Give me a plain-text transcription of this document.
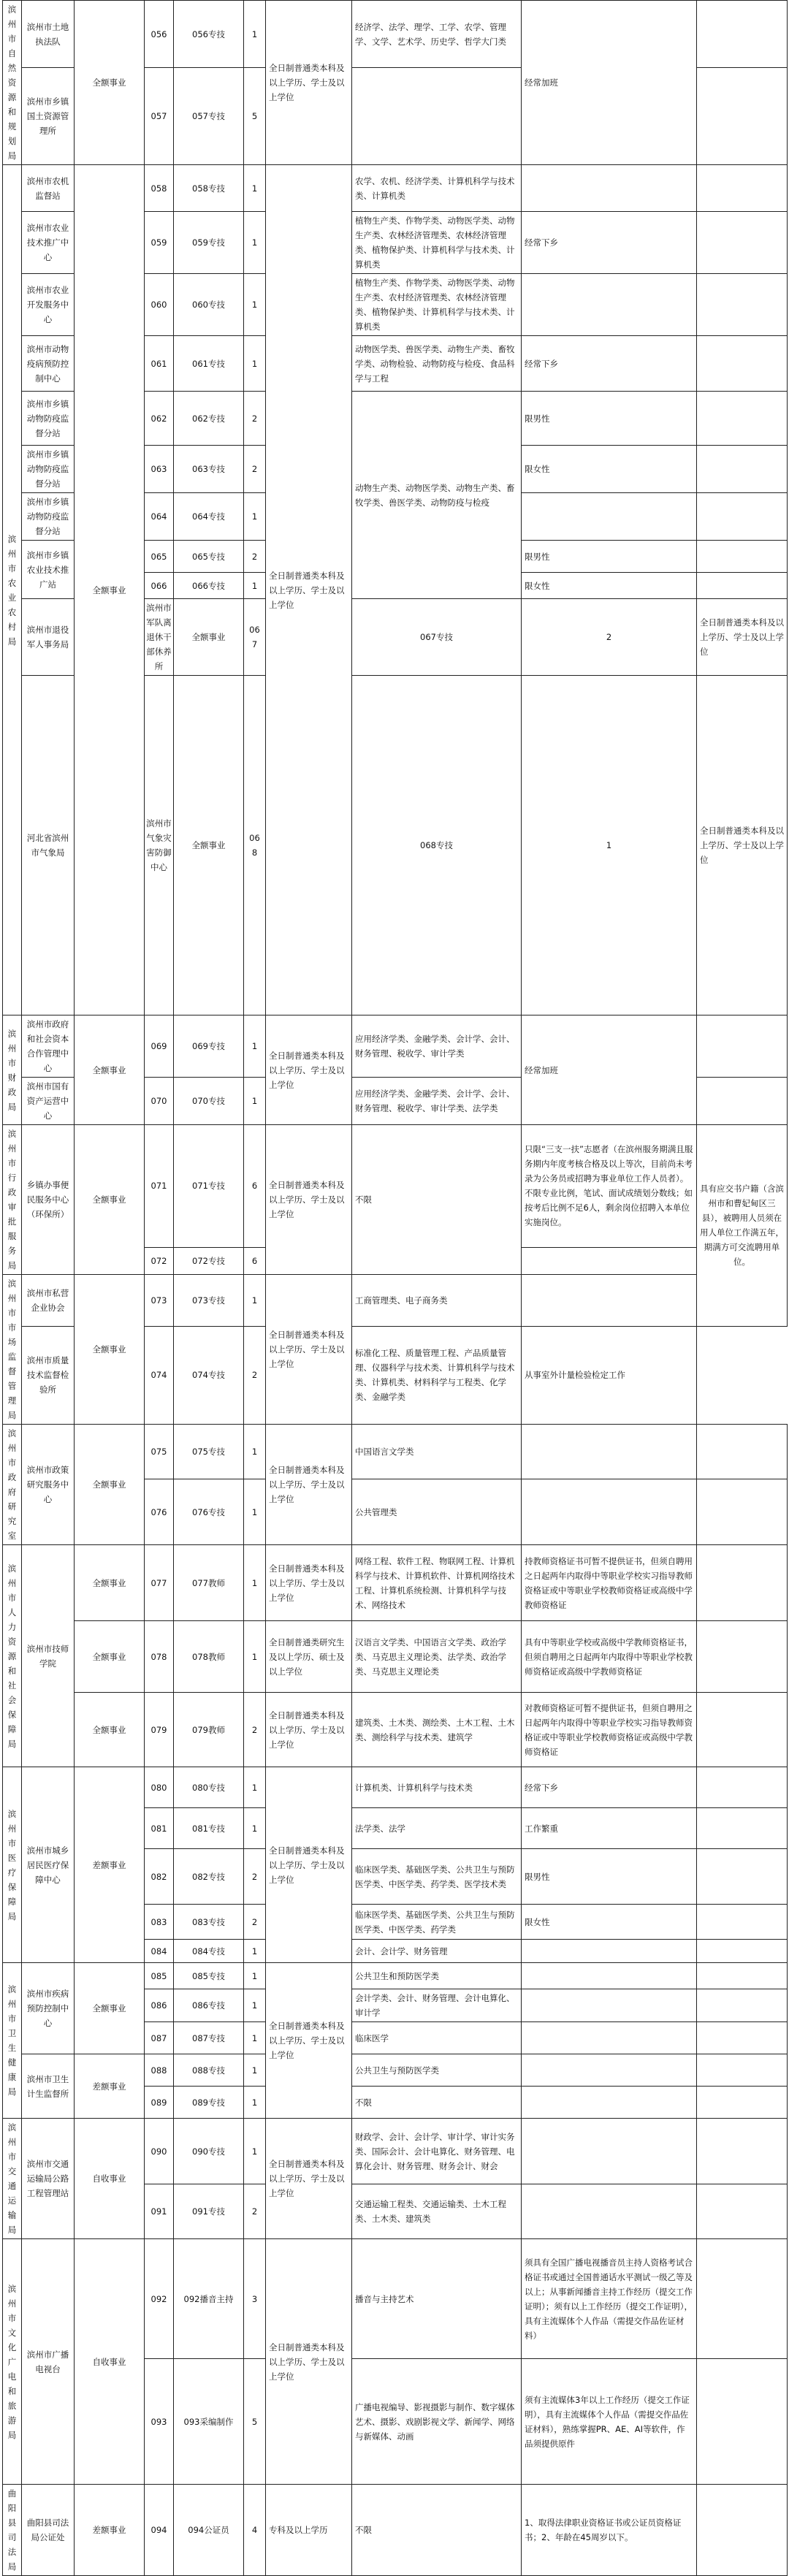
滨州市自然资源和规划局	滨州市土地执法队	全额事业	056	056专技	1	全日制普通类本科及以上学历、学士及以上学位	经济学、法学、理学、工学、农学、管理学、文学、艺术学、历史学、哲学大门类	经常加班		
	滨州市乡镇国土资源管理所		057	057专技	5					
滨州市农业农村局	滨州市农机监督站	全额事业	058	058专技	1	全日制普通类本科及以上学历、学士及以上学位	农学、农机、经济学类、计算机科学与技术类、计算机类			
	滨州市农业技术推广中心		059	059专技	1		植物生产类、作物学类、动物医学类、动物生产类、农林经济管理类、农林经济管理类、植物保护类、计算机科学与技术类、计算机类	经常下乡		
	滨州市农业开发服务中心		060	060专技	1		植物生产类、作物学类、动物医学类、动物生产类、农村经济管理类、农林经济管理类、植物保护类、计算机科学与技术类、计算机类			
	滨州市动物疫病预防控制中心		061	061专技	1		动物医学类、兽医学类、动物生产类、畜牧学类、动物检验、动物防疫与检疫、食品科学与工程	经常下乡		
	滨州市乡镇动物防疫监督分站		062	062专技	2		动物生产类、动物医学类、动物生产类、畜牧学类、兽医学类、动物防疫与检疫	限男性		
	滨州市乡镇动物防疫监督分站		063	063专技	2			限女性		
	滨州市乡镇动物防疫监督分站		064	064专技	1					
	滨州市乡镇农业技术推广站		065	065专技	2			限男性		
			066	066专技	1			限女性		
	滨州市退役军人事务局		滨州市军队离退休干部休养所	全额事业	067		067专技	2	全日制普通类本科及以上学历、学士及以上学位			
	河北省滨州市气象局		滨州市气象灾害防御中心	全额事业	068		068专技	1	全日制普通类本科及以上学历、学士及以上学位			
滨州市财政局	滨州市政府和社会资本合作管理中心	全额事业	069	069专技	1	全日制普通类本科及以上学历、学士及以上学位	应用经济学类、金融学类、会计学、会计、财务管理、税收学、审计学类	经常加班		
	滨州市国有资产运营中心		070	070专技	1		应用经济学类、金融学类、会计学、会计、财务管理、税收学、审计学类、法学类			
滨州市行政审批服务局	乡镇办事便民服务中心（环保所）	全额事业	071	071专技	6	全日制普通类本科及以上学历、学士及以上学位	不限	只限“三支一扶”志愿者（在滨州服务期满且服务期内年度考核合格及以上等次，目前尚未考录为公务员或招聘为事业单位工作人员者）。不限专业比例，笔试、面试成绩划分数线；如按考后比例不足6人，剩余岗位招聘入本单位实施岗位。	具有应交书户籍（含滨州市和曹妃甸区三县），被聘用人员须在用人单位工作满五年，期满方可交流聘用单位。	
			072	072专技	6					
滨州市市场监督管理局	滨州市私营企业协会	全额事业	073	073专技	1	全日制普通类本科及以上学历、学士及以上学位	工商管理类、电子商务类			
	滨州市质量技术监督检验所		074	074专技	2		标准化工程、质量管理工程、产品质量管理、仪器科学与技术类、计算机科学与技术类、计算机类、材料科学与工程类、化学类、金融学类	从事室外计量检验检定工作		
滨州市政府研究室	滨州市政策研究服务中心	全额事业	075	075专技	1	全日制普通类本科及以上学历、学士及以上学位	中国语言文学类			
			076	076专技	1		公共管理类			
滨州市人力资源和社会保障局	滨州市技师学院	全额事业	077	077教师	1	全日制普通类本科及以上学历、学士及以上学位	网络工程、软件工程、物联网工程、计算机科学与技术、计算机软件、计算机网络技术工程、计算机系统检测、计算机科学与技术、网络技术	持教师资格证书可暂不提供证书，但须自聘用之日起两年内取得中等职业学校实习指导教师资格证或中等职业学校教师资格证或高级中学教师资格证		
		全额事业	078	078教师	1	全日制普通类研究生及以上学历、硕士及以上学位	汉语言文学类、中国语言文学类、政治学类、马克思主义理论类、法学类、政治学类、马克思主义理论类	具有中等职业学校或高级中学教师资格证书，但须自聘用之日起两年内取得中等职业学校教师资格证或高级中学教师资格证		
		全额事业	079	079教师	2	全日制普通类本科及以上学历、学士及以上学位	建筑类、土木类、测绘类、土木工程、土木类、测绘科学与技术类、建筑学	对教师资格证可暂不提供证书，但须自聘用之日起两年内取得中等职业学校实习指导教师资格证或中等职业学校教师资格证或高级中学教师资格证		
滨州市医疗保障局	滨州市城乡居民医疗保障中心	差额事业	080	080专技	1	全日制普通类本科及以上学历、学士及以上学位	计算机类、计算机科学与技术类	经常下乡		
			081	081专技	1		法学类、法学	工作繁重		
			082	082专技	2		临床医学类、基础医学类、公共卫生与预防医学类、中医学类、药学类、医学技术类	限男性		
			083	083专技	2		临床医学类、基础医学类、公共卫生与预防医学类、中医学类、药学类	限女性		
			084	084专技	1		会计、会计学、财务管理			
滨州市卫生健康局	滨州市疾病预防控制中心	全额事业	085	085专技	1	全日制普通类本科及以上学历、学士及以上学位	公共卫生和预防医学类			
			086	086专技	1		会计学类、会计、财务管理、会计电算化、审计学			
			087	087专技	1		临床医学			
	滨州市卫生计生监督所	差额事业	088	088专技	1		公共卫生与预防医学类			
			089	089专技	1		不限			
滨州市交通运输局	滨州市交通运输局公路工程管理站	自收事业	090	090专技	1	全日制普通类本科及以上学历、学士及以上学位	财政学、会计、会计学、审计学、审计实务类、国际会计、会计电算化、财务管理、电算化会计、财务管理、财务会计、财会			
			091	091专技	2		交通运输工程类、交通运输类、土木工程类、土木类、建筑类			
滨州市文化广电和旅游局	滨州市广播电视台	自收事业	092	092播音主持	3	全日制普通类本科及以上学历、学士及以上学位	播音与主持艺术	须具有全国广播电视播音员主持人资格考试合格证书或通过全国普通话水平测试一级乙等及以上；从事新闻播音主持工作经历（提交工作证明）；须有以上工作经历（提交工作证明），具有主流媒体个人作品（需提交作品佐证材料）		
			093	093采编制作	5		广播电视编导、影视摄影与制作、数字媒体艺术、摄影、戏剧影视文学、新闻学、网络与新媒体、动画	须有主流媒体3年以上工作经历（提交工作证明），具有主流媒体个人作品（需提交作品佐证材料），熟练掌握PR、AE、AI等软件，作品须提供原件		
曲阳县司法局	曲阳县司法局公证处	差额事业	094	094公证员	4	专科及以上学历	不限	1、取得法律职业资格证书或公证员资格证书；2、年龄在45周岁以下。		
